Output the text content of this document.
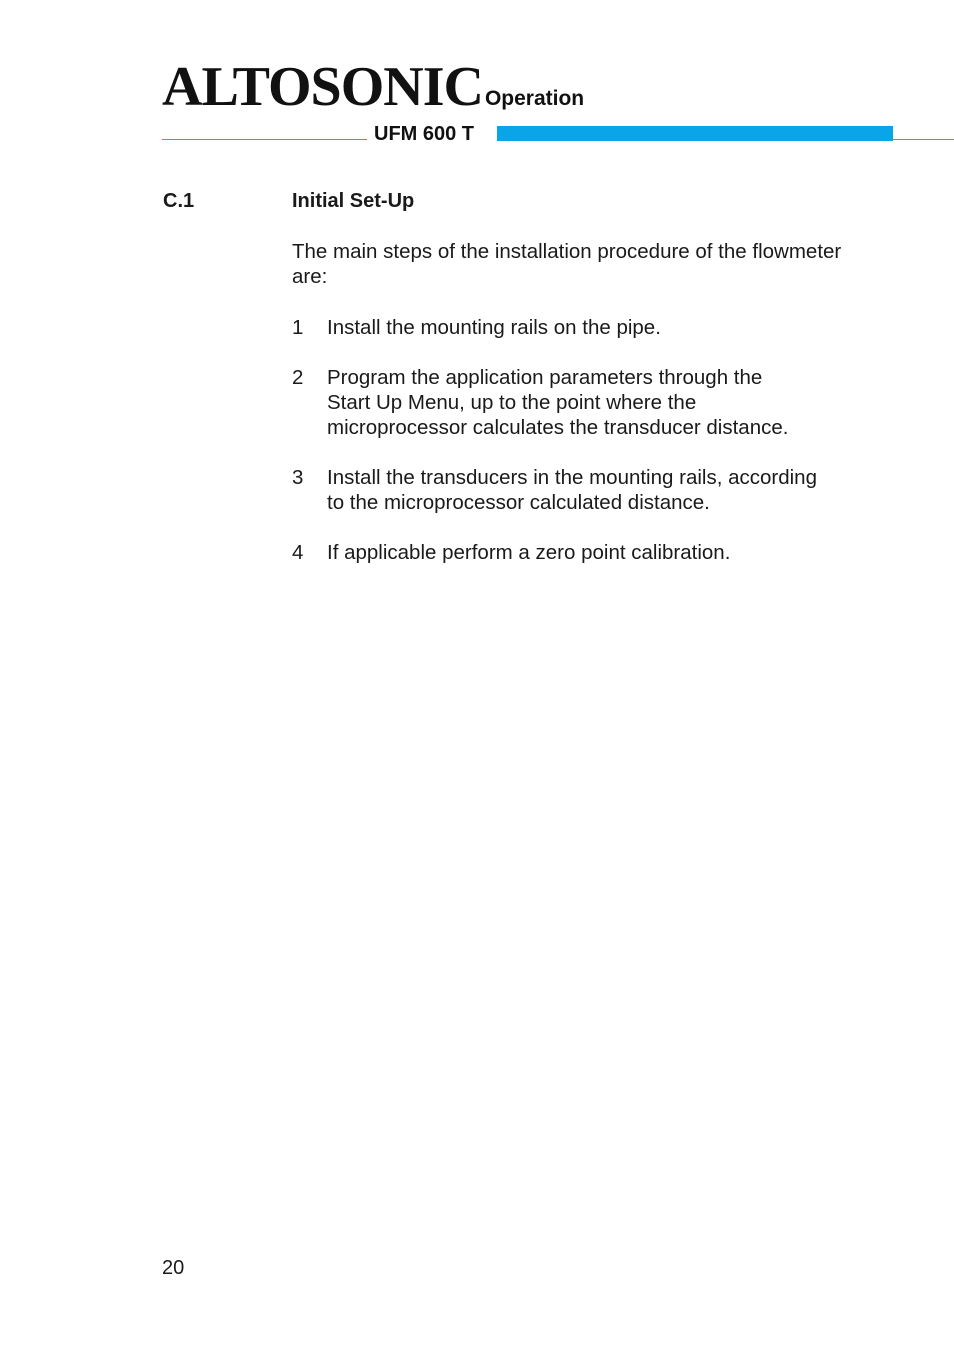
ALTOSONICOperation
UFM 600 T
C.1	Initial Set-Up
The main steps of the installation procedure of the flowmeter
are:
1	Install the mounting rails on the pipe.
2	Program the application parameters through the
Start Up Menu, up to the point where the
microprocessor calculates the transducer distance.
3	Install the transducers in the mounting rails, according
to the microprocessor calculated distance.
4	If applicable perform a zero point calibration.
20
